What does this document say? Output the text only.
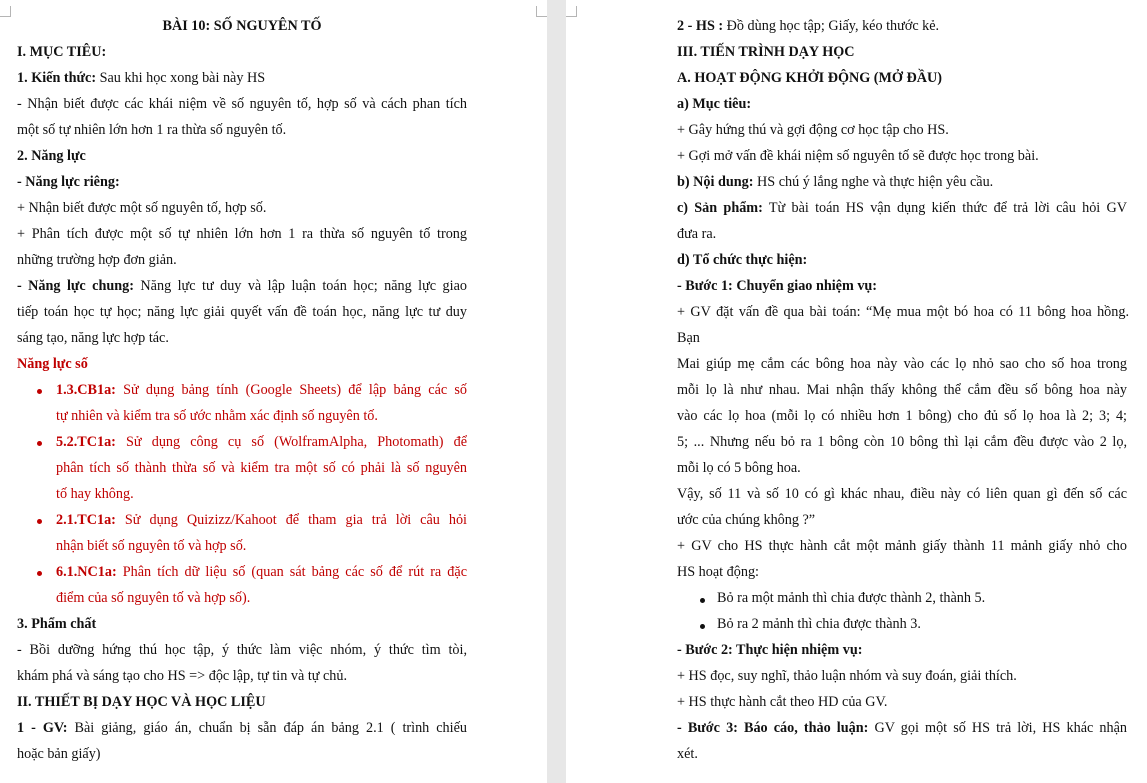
BÀI 10: SỐ NGUYÊN TỐ
I. MỤC TIÊU:
1. Kiến thức: Sau khi học xong bài này HS
- Nhận biết được các khái niệm về số nguyên tố, hợp số và cách phan tích
một số tự nhiên lớn hơn 1 ra thừa số nguyên tố.
2. Năng lực
- Năng lực riêng:
+ Nhận biết được một số nguyên tố, hợp số.
+ Phân tích được một số tự nhiên lớn hơn 1 ra thừa số nguyên tố trong
những trường hợp đơn giản.
- Năng lực chung: Năng lực tư duy và lập luận toán học; năng lực giao
tiếp toán học tự học; năng lực giải quyết vấn đề toán học, năng lực tư duy
sáng tạo, năng lực hợp tác.
Năng lực số
1.3.CB1a: Sử dụng bảng tính (Google Sheets) để lập bảng các số
tự nhiên và kiểm tra số ước nhằm xác định số nguyên tố.
5.2.TC1a: Sử dụng công cụ số (WolframAlpha, Photomath) để
phân tích số thành thừa số và kiểm tra một số có phải là số nguyên
tố hay không.
2.1.TC1a: Sử dụng Quizizz/Kahoot để tham gia trả lời câu hỏi
nhận biết số nguyên tố và hợp số.
6.1.NC1a: Phân tích dữ liệu số (quan sát bảng các số để rút ra đặc
điểm của số nguyên tố và hợp số).
3. Phẩm chất
- Bồi dưỡng hứng thú học tập, ý thức làm việc nhóm, ý thức tìm tòi,
khám phá và sáng tạo cho HS => độc lập, tự tin và tự chủ.
II. THIẾT BỊ DẠY HỌC VÀ HỌC LIỆU
1 - GV: Bài giảng, giáo án, chuẩn bị sẵn đáp án bảng 2.1 ( trình chiếu
hoặc bản giấy)
2 - HS : Đồ dùng học tập; Giấy, kéo thước kẻ.
III. TIẾN TRÌNH DẠY HỌC
A. HOẠT ĐỘNG KHỞI ĐỘNG (MỞ ĐẦU)
a) Mục tiêu:
+ Gây hứng thú và gợi động cơ học tập cho HS.
+ Gợi mở vấn đề khái niệm số nguyên tố sẽ được học trong bài.
b) Nội dung: HS chú ý lắng nghe và thực hiện yêu cầu.
c) Sản phẩm: Từ bài toán HS vận dụng kiến thức để trả lời câu hỏi GV
đưa ra.
d) Tổ chức thực hiện:
- Bước 1: Chuyển giao nhiệm vụ:
+ GV đặt vấn đề qua bài toán: “Mẹ mua một bó hoa có 11 bông hoa hồng.
Bạn
Mai giúp mẹ cắm các bông hoa này vào các lọ nhỏ sao cho số hoa trong
mỗi lọ là như nhau. Mai nhận thấy không thể cắm đều số bông hoa này
vào các lọ hoa (mỗi lọ có nhiều hơn 1 bông) cho đủ số lọ hoa là 2; 3; 4;
5; ... Nhưng nếu bỏ ra 1 bông còn 10 bông thì lại cắm đều được vào 2 lọ,
mỗi lọ có 5 bông hoa.
Vậy, số 11 và số 10 có gì khác nhau, điều này có liên quan gì đến số các
ước của chúng không ?”
+ GV cho HS thực hành cắt một mảnh giấy thành 11 mảnh giấy nhỏ cho
HS hoạt động:
Bỏ ra một mảnh thì chia được thành 2, thành 5.
Bỏ ra 2 mảnh thì chia được thành 3.
- Bước 2: Thực hiện nhiệm vụ:
+ HS đọc, suy nghĩ, thảo luận nhóm và suy đoán, giải thích.
+ HS thực hành cắt theo HD của GV.
- Bước 3: Báo cáo, thảo luận: GV gọi một số HS trả lời, HS khác nhận
xét.
